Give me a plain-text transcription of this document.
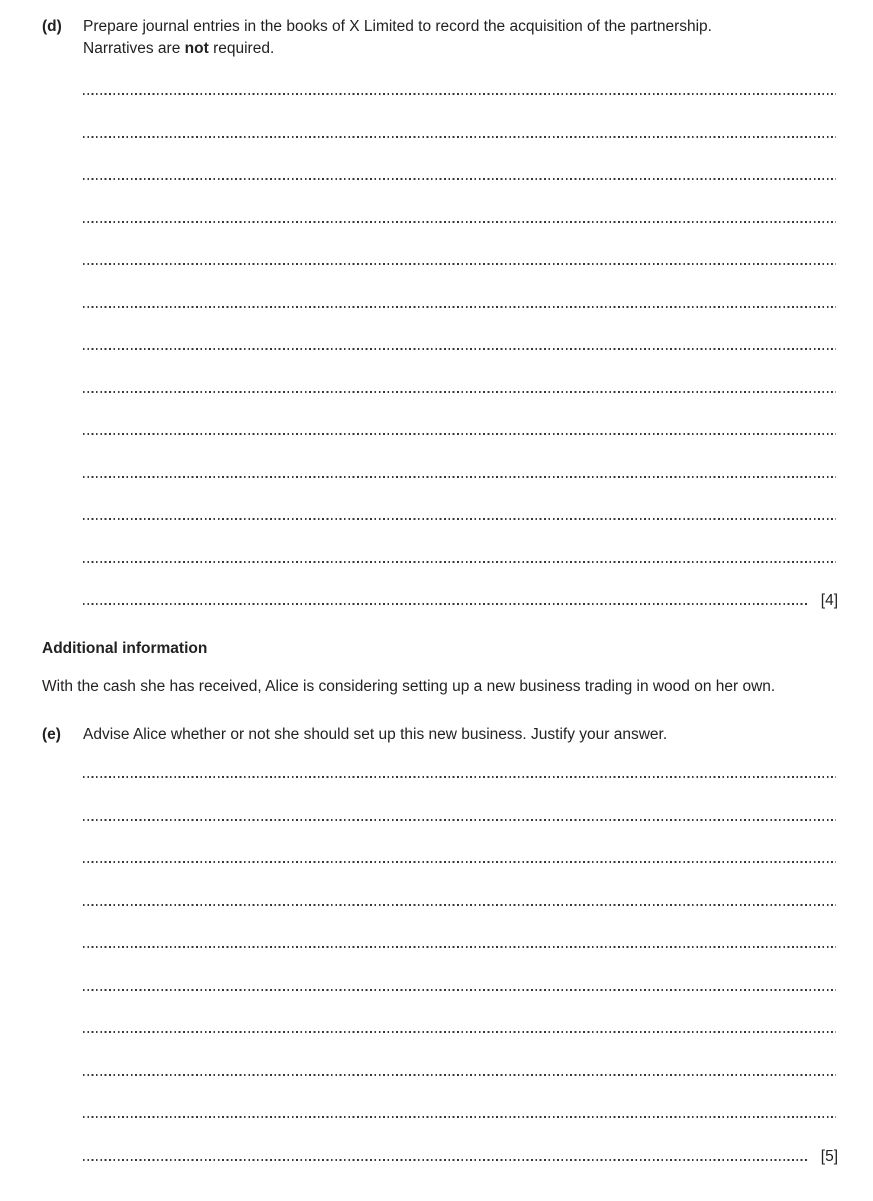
(d)	Prepare journal entries in the books of X Limited to record the acquisition of the partnership.
Narratives are not required.
[4]
Additional information
With the cash she has received, Alice is considering setting up a new business trading in wood on her own.
(e)	Advise Alice whether or not she should set up this new business. Justify your answer.
[5]
